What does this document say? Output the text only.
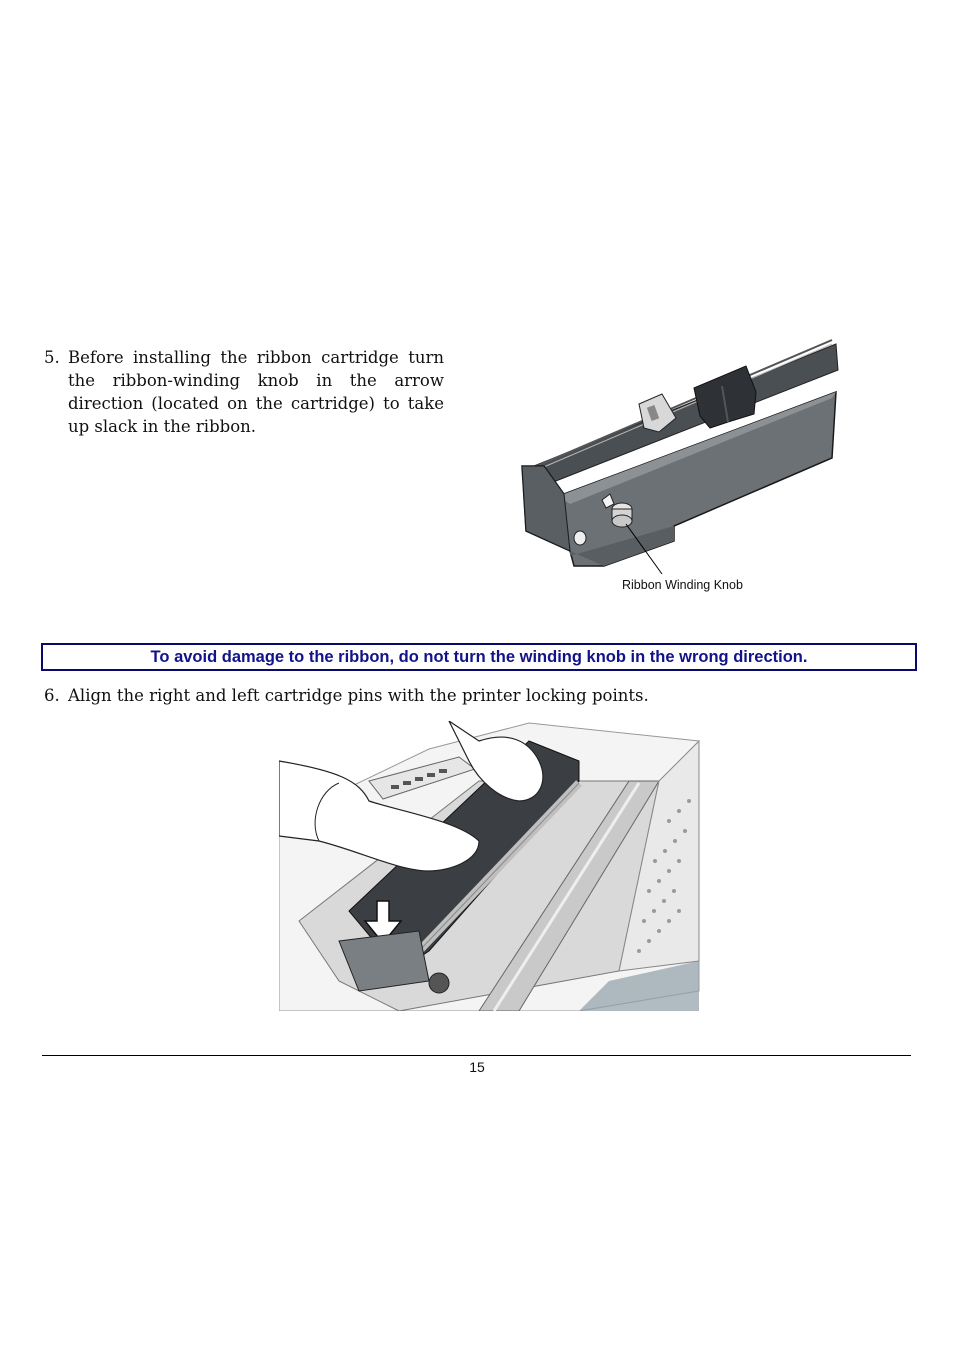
5. Before installing the ribbon cartridge turn the ribbon-winding knob in the arrow direction (located on the cartridge) to take up slack in the ribbon.
Ribbon Winding Knob
To avoid damage to the ribbon, do not turn the winding knob in the wrong direction.
6. Align the right and left cartridge pins with the printer locking points.
15
